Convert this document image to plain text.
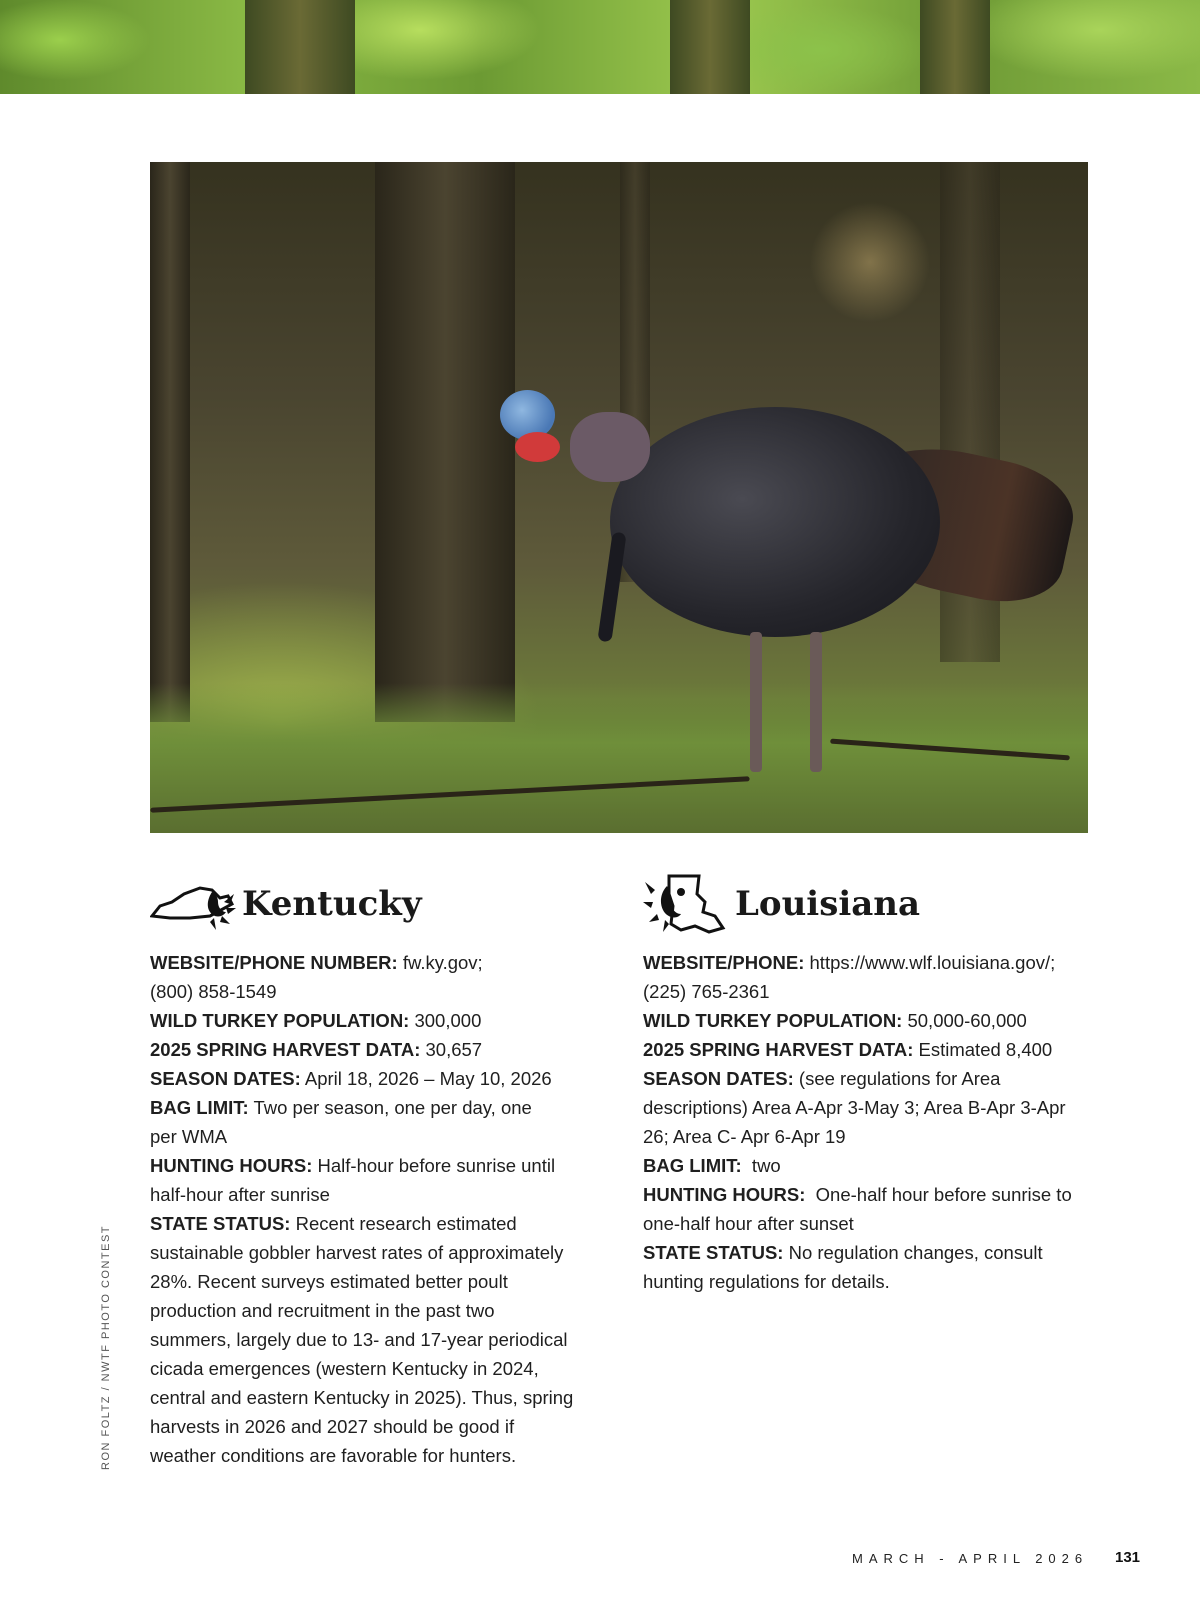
Kentucky
WEBSITE/PHONE NUMBER: fw.ky.gov;
(800) 858-1549
WILD TURKEY POPULATION: 300,000
2025 SPRING HARVEST DATA: 30,657
SEASON DATES: April 18, 2026 – May 10, 2026
BAG LIMIT: Two per season, one per day, one
per WMA
HUNTING HOURS: Half-hour before sunrise until
half-hour after sunrise
STATE STATUS: Recent research estimated
sustainable gobbler harvest rates of approximately
28%. Recent surveys estimated better poult
production and recruitment in the past two
summers, largely due to 13- and 17-year periodical
cicada emergences (western Kentucky in 2024,
central and eastern Kentucky in 2025). Thus, spring
harvests in 2026 and 2027 should be good if
weather conditions are favorable for hunters.
Louisiana
WEBSITE/PHONE: https://www.wlf.louisiana.gov/;
(225) 765-2361
WILD TURKEY POPULATION: 50,000-60,000
2025 SPRING HARVEST DATA: Estimated 8,400
SEASON DATES: (see regulations for Area
descriptions) Area A-Apr 3-May 3; Area B-Apr 3-Apr
26; Area C- Apr 6-Apr 19
BAG LIMIT:  two
HUNTING HOURS:  One-half hour before sunrise to
one-half hour after sunset
STATE STATUS: No regulation changes, consult
hunting regulations for details.
RON FOLTZ / NWTF PHOTO CONTEST
MARCH - APRIL 2026 131
